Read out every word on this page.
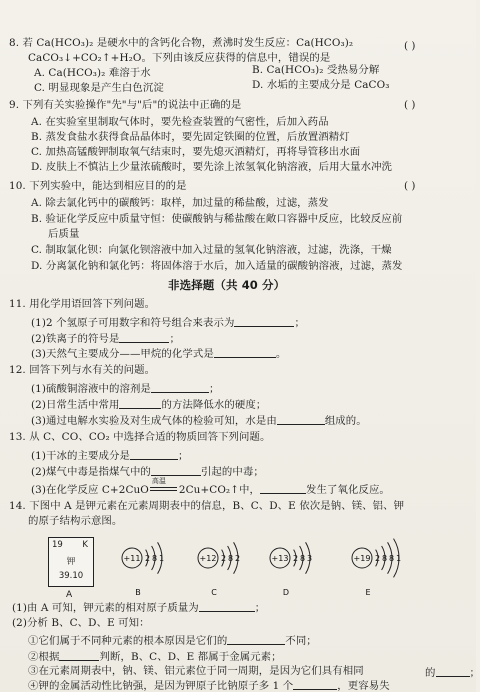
8. 若 Ca(HCO₃)₂ 是硬水中的含钙化合物，煮沸时发生反应：Ca(HCO₃)₂
CaCO₃↓+CO₂↑+H₂O。下列由该反应获得的信息中，错误的是
( )
A. Ca(HCO₃)₂ 难溶于水	B. Ca(HCO₃)₂ 受热易分解
C. 明显现象是产生白色沉淀	D. 水垢的主要成分是 CaCO₃
9. 下列有关实验操作"先"与"后"的说法中正确的是	( )
A. 在实验室里制取气体时，要先检查装置的气密性，后加入药品
B. 蒸发食盐水获得食品晶体时，要先固定铁圈的位置，后放置酒精灯
C. 加热高锰酸钾制取氧气结束时，要先熄灭酒精灯，再将导管移出水面
D. 皮肤上不慎沾上少量浓硫酸时，要先涂上浓氢氧化钠溶液，后用大量水冲洗
10. 下列实验中，能达到相应目的的是	( )
A. 除去氯化钙中的碳酸钙：取样，加过量的稀盐酸，过滤，蒸发
B. 验证化学反应中质量守恒：使碳酸钠与稀盐酸在敞口容器中反应，比较反应前
后质量
C. 制取氯化钡：向氯化钡溶液中加入过量的氢氧化钠溶液，过滤，洗涤，干燥
D. 分离氯化钠和氯化钙：将固体溶于水后，加入适量的碳酸钠溶液，过滤，蒸发
非选择题（共 40 分）
11. 用化学用语回答下列问题。
(1)2 个氢原子可用数字和符号组合来表示为	；
(2)铁离子的符号是	；
(3)天然气主要成分——甲烷的化学式是	。
12. 回答下列与水有关的问题。
(1)硫酸铜溶液中的溶剂是	；
(2)日常生活中常用	的方法降低水的硬度；
(3)通过电解水实验及对生成气体的检验可知，水是由	组成的。
13. 从 C、CO、CO₂ 中选择合适的物质回答下列问题。
(1)干冰的主要成分是	；
(2)煤气中毒是指煤气中的	引起的中毒；
(3)在化学反应 C+2CuO
高温
2Cu+CO₂↑中，	发生了氧化反应。
14. 下图中 A 是钾元素在元素周期表中的信息，B、C、D、E 依次是钠、镁、铝、钾
的原子结构示意图。
19 K
钾
39.10
A
+11 2 8 1
B
+12 2 8 2
C
+13 2 8 3
D
+19 2 8 8 1
E
(1)由 A 可知，钾元素的相对原子质量为	；
(2)分析 B、C、D、E 可知：
①它们属于不同种元素的根本原因是它们的	不同；
②根据	判断，B、C、D、E 都属于金属元素；
③在元素周期表中，钠、镁、铝元素位于同一周期，是因为它们具有相同	的	；
④钾的金属活动性比钠强，是因为钾原子比钠原子多 1 个	，更容易失
